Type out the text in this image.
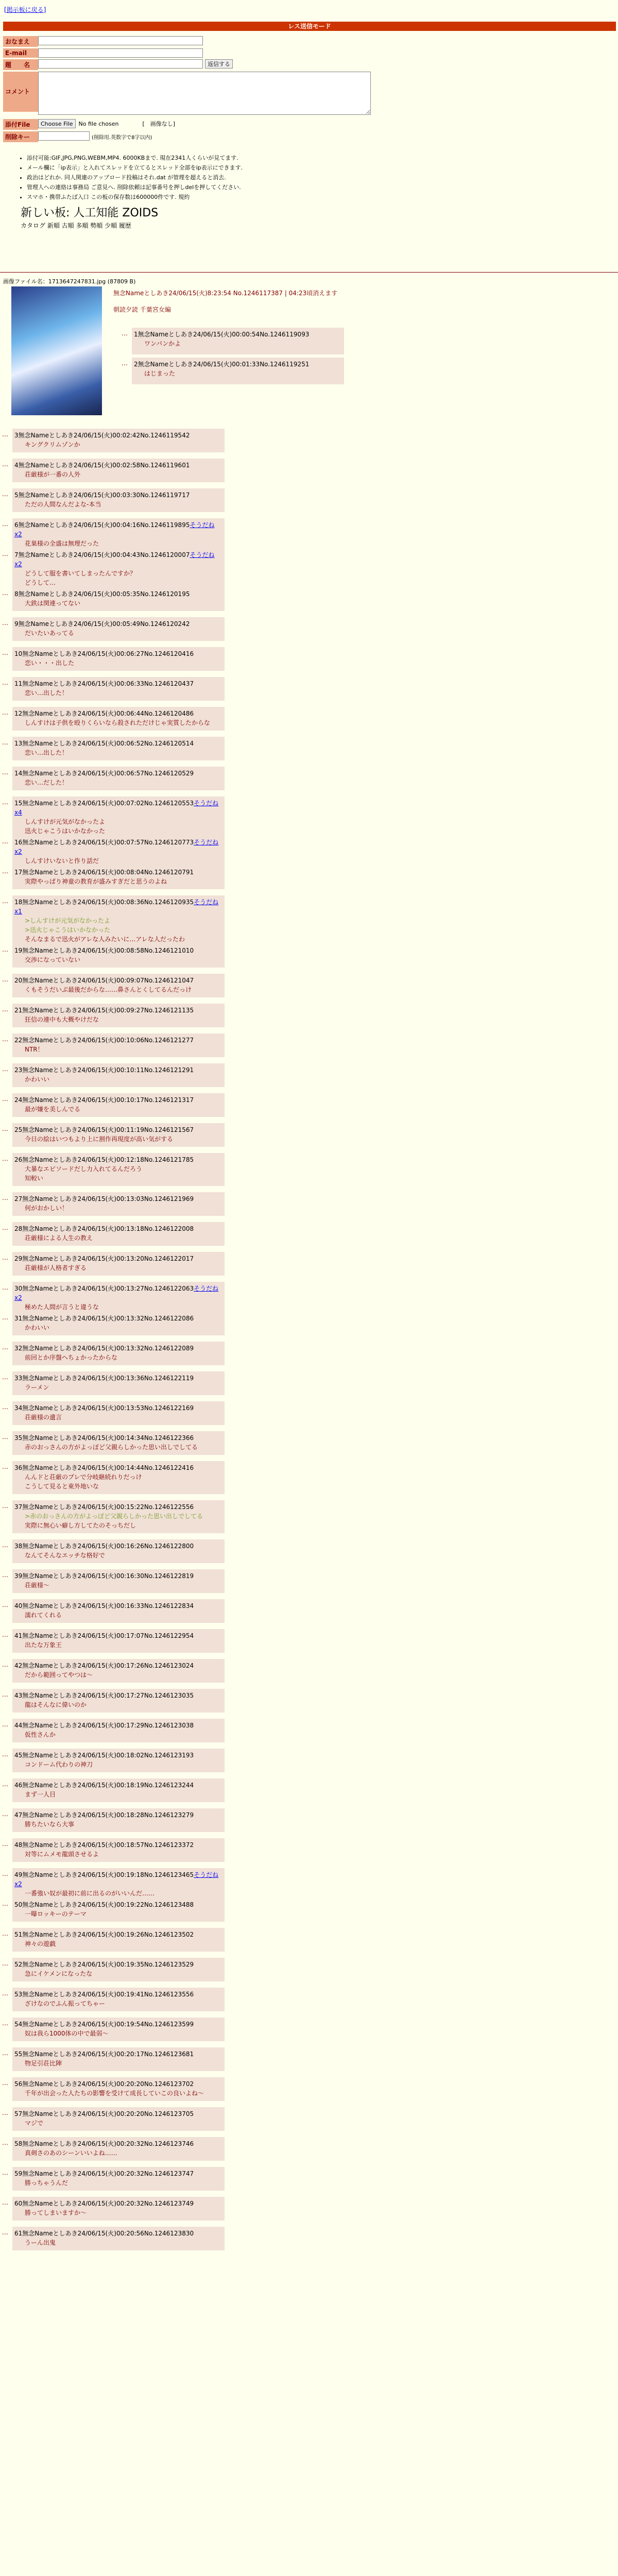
[掲示板に戻る]
レス送信モード
おなまえ
E-mail
題　　名	返信する
コメント
添付File	Choose File	No file chosen	[　画像なし]
削除キー	(削除用.英数字で8字以内)
• 添付可能:GIF,JPG,PNG,WEBM,MP4. 6000KBまで. 現在2341人くらいが見てます.
• メール欄に「ip表示」と入れてスレッドを立てるとスレッド全部をip表示にできます.
• 政治はどれか. 同人関連のアップロード投稿はそれ.dat が管理を超えると消去.
• 管理人への連絡は事務局 ご意見へ. 削除依頼は記事番号を押しdelを押してください.
• スマホ・携帯ふたば入口 この板の保存数は600000件です. 規約
新しい板: 人工知能 ZOIDS
カタログ 新順 古順 多順 勢順 少順 履歴
画像ファイル名：1713647247831.jpg (87809 B)
無念Nameとしあき24/06/15(火)8:23:54 No.1246117387 | 04:23頃消えます
朝読夕読 千葉宮女編
…	1無念Nameとしあき24/06/15(火)00:00:54No.1246119093
ワンパンかよ
…	2無念Nameとしあき24/06/15(火)00:01:33No.1246119251
はじまった
…	3無念Nameとしあき24/06/15(火)00:02:42No.1246119542
キングクリムゾンか
…	4無念Nameとしあき24/06/15(火)00:02:58No.1246119601
荘厳様が一番の人外
…	5無念Nameとしあき24/06/15(火)00:03:30No.1246119717
ただの人間なんだよな-本当
…	6無念Nameとしあき24/06/15(火)00:04:16No.1246119895そうだねx2
花巣様の全盛は無理だった
…	7無念Nameとしあき24/06/15(火)00:04:43No.1246120007そうだねx2
どうして服を書いてしまったんですか？
どうして…
…	8無念Nameとしあき24/06/15(火)00:05:35No.1246120195
大鉄は関連ってない
…	9無念Nameとしあき24/06/15(火)00:05:49No.1246120242
だいたいあってる
…	10無念Nameとしあき24/06/15(火)00:06:27No.1246120416
恋い・・・出した
…	11無念Nameとしあき24/06/15(火)00:06:33No.1246120437
恋い…出した！
…	12無念Nameとしあき24/06/15(火)00:06:44No.1246120486
しんすけは子供を殴りくらいなら殺されただけじゃ実質したからな
…	13無念Nameとしあき24/06/15(火)00:06:52No.1246120514
恋い…出した！
…	14無念Nameとしあき24/06/15(火)00:06:57No.1246120529
恋い…だした！
…	15無念Nameとしあき24/06/15(火)00:07:02No.1246120553そうだねx4
しんすけが元気がなかったよ
迅火じゃこうはいかなかった
…	16無念Nameとしあき24/06/15(火)00:07:57No.1246120773そうだねx2
しんすけいないと作り話だ
…	17無念Nameとしあき24/06/15(火)00:08:04No.1246120791
実際やっぱり神童の教育が盛みすぎだと思うのよね
…	18無念Nameとしあき24/06/15(火)00:08:36No.1246120935そうだねx1
>しんすけが元気がなかったよ
>迅火じゃこうはいかなかった
そんなまるで迅火がアレな人みたいに…アレな人だったわ
…	19無念Nameとしあき24/06/15(火)00:08:58No.1246121010
交渉になっていない
…	20無念Nameとしあき24/06/15(火)00:09:07No.1246121047
くもそうだいぶ最後だからな……鼻さんとくしてるんだっけ
…	21無念Nameとしあき24/06/15(火)00:09:27No.1246121135
狂信の連中も大概やけだな
…	22無念Nameとしあき24/06/15(火)00:10:06No.1246121277
NTR！
…	23無念Nameとしあき24/06/15(火)00:10:11No.1246121291
かわいい
…	24無念Nameとしあき24/06/15(火)00:10:17No.1246121317
最が嫌を美しんでる
…	25無念Nameとしあき24/06/15(火)00:11:19No.1246121567
今日の絵はいつもより上に割作再現度が高い気がする
…	26無念Nameとしあき24/06/15(火)00:12:18No.1246121785
大暴なエピソードだし力入れてるんだろう
知較い
…	27無念Nameとしあき24/06/15(火)00:13:03No.1246121969
何がおかしい！
…	28無念Nameとしあき24/06/15(火)00:13:18No.1246122008
荘厳様による人生の教え
…	29無念Nameとしあき24/06/15(火)00:13:20No.1246122017
荘厳様が人格者すぎる
…	30無念Nameとしあき24/06/15(火)00:13:27No.1246122063そうだねx2
極めた人間が言うと違うな
…	31無念Nameとしあき24/06/15(火)00:13:32No.1246122086
かわいい
…	32無念Nameとしあき24/06/15(火)00:13:32No.1246122089
前回とか序盤ヘちょかったからな
…	33無念Nameとしあき24/06/15(火)00:13:36No.1246122119
ラーメン
…	34無念Nameとしあき24/06/15(火)00:13:53No.1246122169
荘厳様の遺言
…	35無念Nameとしあき24/06/15(火)00:14:34No.1246122366
赤のおっさんの方がよっぽど父親らしかった思い出しでしてる
…	36無念Nameとしあき24/06/15(火)00:14:44No.1246122416
んんドと荘厳のプレで分岐継続れりだっけ
こうして見ると東外地いな
…	37無念Nameとしあき24/06/15(火)00:15:22No.1246122556
>赤のおっさんの方がよっぽど父親らしかった思い出しでしてる
実際に無心い癖し方してたのそっちだし
…	38無念Nameとしあき24/06/15(火)00:16:26No.1246122800
なんてそんなエッチな格好で
…	39無念Nameとしあき24/06/15(火)00:16:30No.1246122819
荘厳様～
…	40無念Nameとしあき24/06/15(火)00:16:33No.1246122834
濡れてくれる
…	41無念Nameとしあき24/06/15(火)00:17:07No.1246122954
出たな万象王
…	42無念Nameとしあき24/06/15(火)00:17:26No.1246123024
だから範囲ってやつは～
…	43無念Nameとしあき24/06/15(火)00:17:27No.1246123035
龍はそんなに偉いのか
…	44無念Nameとしあき24/06/15(火)00:17:29No.1246123038
仮性さんか
…	45無念Nameとしあき24/06/15(火)00:18:02No.1246123193
コンドーム代わりの神刀
…	46無念Nameとしあき24/06/15(火)00:18:19No.1246123244
まず一人目
…	47無念Nameとしあき24/06/15(火)00:18:28No.1246123279
勝ちたいなら大事
…	48無念Nameとしあき24/06/15(火)00:18:57No.1246123372
対等にムメモ龍頭させるよ
…	49無念Nameとしあき24/06/15(火)00:19:18No.1246123465そうだねx2
一番強い奴が最初に前に出るのがいいんだ……
…	50無念Nameとしあき24/06/15(火)00:19:22No.1246123488
一曝ロッキーのテーマ
…	51無念Nameとしあき24/06/15(火)00:19:26No.1246123502
神々の遊戯
…	52無念Nameとしあき24/06/15(火)00:19:35No.1246123529
急にイケメンになったな
…	53無念Nameとしあき24/06/15(火)00:19:41No.1246123556
ざけなのでふん振ってちゃー
…	54無念Nameとしあき24/06/15(火)00:19:54No.1246123599
奴は我ら1000体の中で最弱～
…	55無念Nameとしあき24/06/15(火)00:20:17No.1246123681
物足引荘比陣
…	56無念Nameとしあき24/06/15(火)00:20:20No.1246123702
千年が出会った人たちの影響を受けて成長していこの良いよね～
…	57無念Nameとしあき24/06/15(火)00:20:20No.1246123705
マジで
…	58無念Nameとしあき24/06/15(火)00:20:32No.1246123746
真剣さのあのシーンいいよね……
…	59無念Nameとしあき24/06/15(火)00:20:32No.1246123747
勝っちゃうんだ
…	60無念Nameとしあき24/06/15(火)00:20:32No.1246123749
勝ってしまいますか～
…	61無念Nameとしあき24/06/15(火)00:20:56No.1246123830
うーん出鬼
